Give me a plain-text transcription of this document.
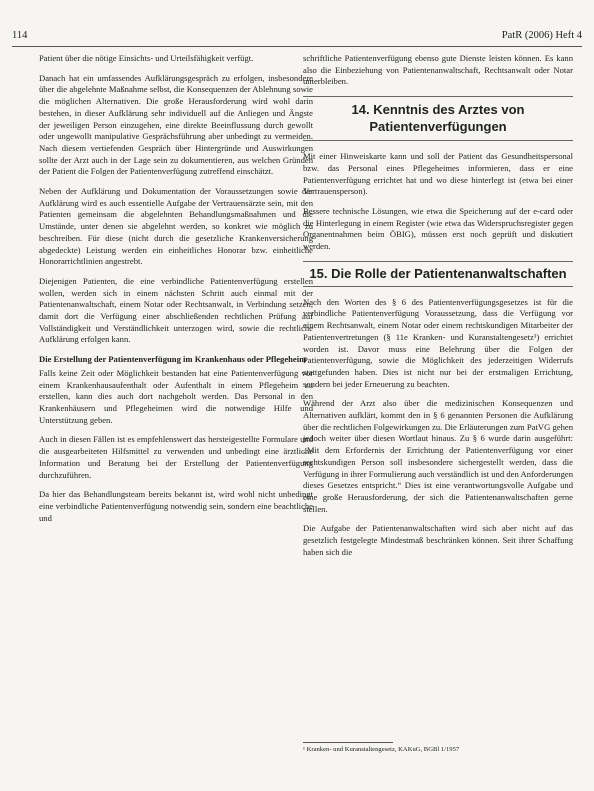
114	PatR (2006) Heft 4

Patient über die nötige Einsichts- und Urteilsfähigkeit verfügt.

Danach hat ein umfassendes Aufklärungsgespräch zu erfolgen, insbesondere über die abgelehnte Maßnahme selbst, die Konsequenzen der Ablehnung sowie die möglichen Alternativen. Die große Herausforderung wird wohl darin bestehen, in dieser Aufklärung sehr individuell auf die Anliegen und Ängste der jeweiligen Person einzugehen, eine direkte Beeinflussung durch gewollt oder ungewollt manipulative Gesprächsführung aber unbedingt zu vermeiden. Nach diesem vertiefenden Gespräch über Hintergründe und Auswirkungen sollte der Arzt auch in der Lage sein zu dokumentieren, aus welchen Gründen der Patient die Folgen der Patientenverfügung zutreffend einschätzt.

Neben der Aufklärung und Dokumentation der Voraussetzungen sowie der Aufklärung wird es auch essentielle Aufgabe der Vertrauensärzte sein, mit den Patienten gemeinsam die abgelehnten Behandlungsmaßnahmen und die Umstände, unter denen sie abgelehnt werden, so konkret wie möglich zu beschreiben. Für diese (nicht durch die gesetzliche Krankenversicherung abgedeckte) Leistung werden ein einheitliches Honorar bzw. einheitliche Honorarrichtlinien angestrebt.

Diejenigen Patienten, die eine verbindliche Patientenverfügung erstellen wollen, werden sich in einem nächsten Schritt auch einmal mit der Patientenanwaltschaft, einem Notar oder Rechtsanwalt, in Verbindung setzen, damit dort die Verfügung einer abschließenden rechtlichen Prüfung auf Vollständigkeit und Verständlichkeit unterzogen wird, sowie die rechtliche Aufklärung erfolgen kann.

Die Erstellung der Patientenverfügung im Krankenhaus oder Pflegeheim

Falls keine Zeit oder Möglichkeit bestanden hat eine Patientenverfügung vor einem Krankenhausaufenthalt oder Aufenthalt in einem Pflegeheim zu erstellen, kann dies auch dort nachgeholt werden. Das Personal in den Krankenhäusern und Pflegeheimen wird die notwendige Hilfe und Unterstützung geben.

Auch in diesen Fällen ist es empfehlenswert das hersteigestellte Formulare und die ausgearbeiteten Hilfsmittel zu verwenden und unbedingt eine ärztliche Information und Beratung bei der Erstellung der Patientenverfügung durchzuführen.

Da hier das Behandlungsteam bereits bekannt ist, wird wohl nicht unbedingt eine verbindliche Patientenverfügung notwendig sein, sondern eine beachtliche und

schriftliche Patientenverfügung ebenso gute Dienste leisten können. Es kann also die Einbeziehung von Patientenanwaltschaft, Rechtsanwalt oder Notar unterbleiben.

14. Kenntnis des Arztes von Patientenverfügungen

Mit einer Hinweiskarte kann und soll der Patient das Gesundheitspersonal bzw. das Personal eines Pflegeheimes informieren, dass er eine Patientenverfügung errichtet hat und wo diese hinterlegt ist (etwa bei einer Vertrauensperson).

Bessere technische Lösungen, wie etwa die Speicherung auf der e-card oder die Hinterlegung in einem Register (wie etwa das Widerspruchsregister gegen Organentnahmen beim ÖBIG), müssen erst noch geprüft und diskutiert werden.

15. Die Rolle der Patientenanwaltschaften

Nach den Worten des § 6 des Patientenverfügungsgesetzes ist für die verbindliche Patientenverfügung Voraussetzung, dass die Verfügung vor einem Rechtsanwalt, einem Notar oder einem rechtskundigen Mitarbeiter der Patientenvertretungen (§ 11e Kranken- und Kuranstaltengesetz¹) errichtet worden ist. Davor muss eine Belehrung über die Folgen der Patientenverfügung, sowie die Möglichkeit des jederzeitigen Widerrufs stattgefunden haben. Dies ist nicht nur bei der erstmaligen Errichtung, sondern bei jeder Erneuerung zu beachten.

Während der Arzt also über die medizinischen Konsequenzen und Alternativen aufklärt, kommt den in § 6 genannten Personen die Aufklärung über die rechtlichen Folgewirkungen zu. Die Erläuterungen zum PatVG gehen jedoch weiter über diesen Wortlaut hinaus. Zu § 6 wurde darin ausgeführt: „Mit dem Erfordernis der Errichtung der Patientenverfügung vor einer rechtskundigen Person soll insbesondere sichergestellt werden, dass die Verfügung in ihrer Formulierung auch verständlich ist und den Anforderungen dieses Gesetzes entspricht.“ Dies ist eine verantwortungsvolle Aufgabe und eine große Herausforderung, der sich die Patientenanwaltschaften gerne stellen.

Die Aufgabe der Patientenanwaltschaften wird sich aber nicht auf das gesetzlich festgelegte Mindestmaß beschränken können. Seit ihrer Schaffung haben sich die

¹ Kranken- und Kuranstaltengesetz, KAKuG, BGBl 1/1957
